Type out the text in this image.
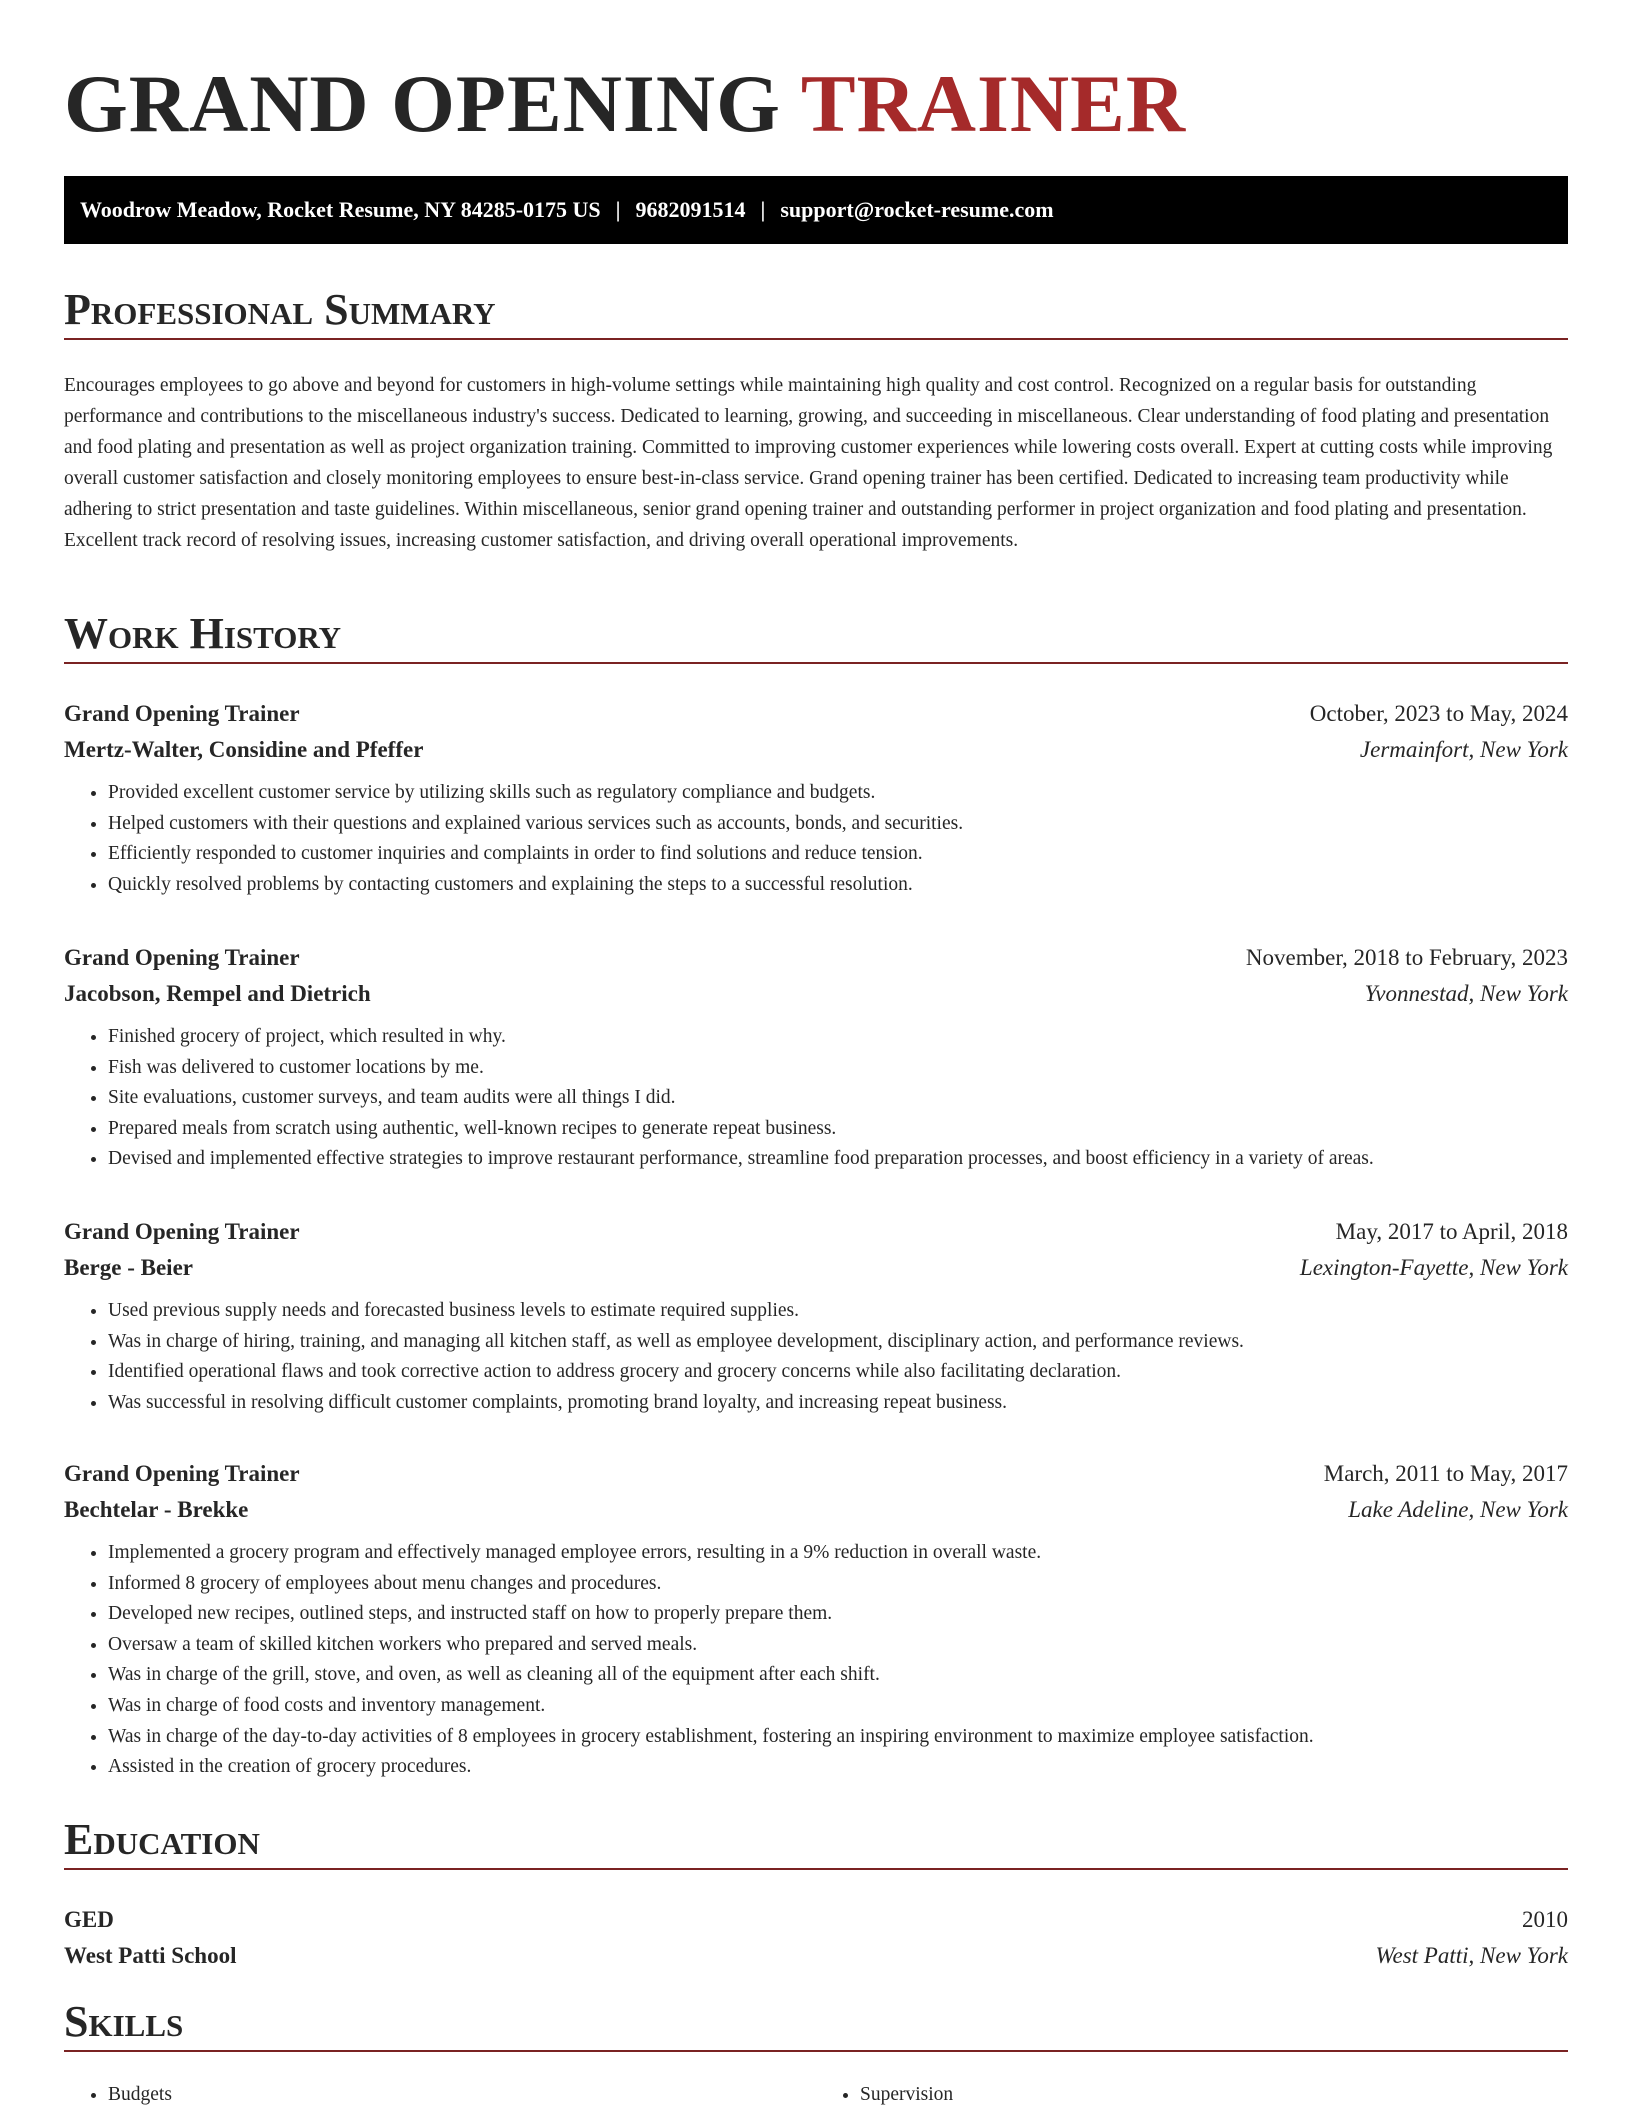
GRAND OPENING TRAINER
Woodrow Meadow, Rocket Resume, NY 84285-0175 US | 9682091514 | support@rocket-resume.com
Professional Summary

Encourages employees to go above and beyond for customers in high-volume settings while maintaining high quality and cost control. Recognized on a regular basis for outstanding performance and contributions to the miscellaneous industry's success. Dedicated to learning, growing, and succeeding in miscellaneous. Clear understanding of food plating and presentation and food plating and presentation as well as project organization training. Committed to improving customer experiences while lowering costs overall. Expert at cutting costs while improving overall customer satisfaction and closely monitoring employees to ensure best-in-class service. Grand opening trainer has been certified. Dedicated to increasing team productivity while adhering to strict presentation and taste guidelines. Within miscellaneous, senior grand opening trainer and outstanding performer in project organization and food plating and presentation. Excellent track record of resolving issues, increasing customer satisfaction, and driving overall operational improvements.

Work History
Grand Opening Trainer	October, 2023 to May, 2024
Mertz-Walter, Considine and Pfeffer	Jermainfort, New York
• Provided excellent customer service by utilizing skills such as regulatory compliance and budgets.
• Helped customers with their questions and explained various services such as accounts, bonds, and securities.
• Efficiently responded to customer inquiries and complaints in order to find solutions and reduce tension.
• Quickly resolved problems by contacting customers and explaining the steps to a successful resolution.
Grand Opening Trainer	November, 2018 to February, 2023
Jacobson, Rempel and Dietrich	Yvonnestad, New York
• Finished grocery of project, which resulted in why.
• Fish was delivered to customer locations by me.
• Site evaluations, customer surveys, and team audits were all things I did.
• Prepared meals from scratch using authentic, well-known recipes to generate repeat business.
• Devised and implemented effective strategies to improve restaurant performance, streamline food preparation processes, and boost efficiency in a variety of areas.
Grand Opening Trainer	May, 2017 to April, 2018
Berge - Beier	Lexington-Fayette, New York
• Used previous supply needs and forecasted business levels to estimate required supplies.
• Was in charge of hiring, training, and managing all kitchen staff, as well as employee development, disciplinary action, and performance reviews.
• Identified operational flaws and took corrective action to address grocery and grocery concerns while also facilitating declaration.
• Was successful in resolving difficult customer complaints, promoting brand loyalty, and increasing repeat business.
Grand Opening Trainer	March, 2011 to May, 2017
Bechtelar - Brekke	Lake Adeline, New York
• Implemented a grocery program and effectively managed employee errors, resulting in a 9% reduction in overall waste.
• Informed 8 grocery of employees about menu changes and procedures.
• Developed new recipes, outlined steps, and instructed staff on how to properly prepare them.
• Oversaw a team of skilled kitchen workers who prepared and served meals.
• Was in charge of the grill, stove, and oven, as well as cleaning all of the equipment after each shift.
• Was in charge of food costs and inventory management.
• Was in charge of the day-to-day activities of 8 employees in grocery establishment, fostering an inspiring environment to maximize employee satisfaction.
• Assisted in the creation of grocery procedures.
Education
GED	2010
West Patti School	West Patti, New York
Skills
• Budgets
•	Supervision
